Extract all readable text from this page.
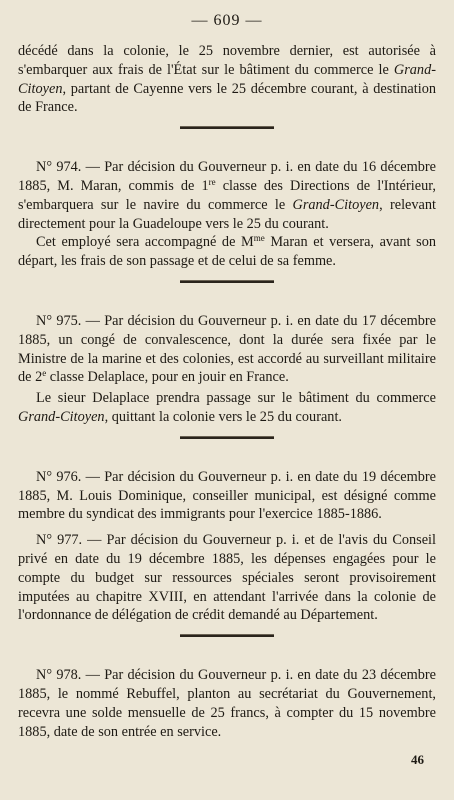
— 609 —

décédé dans la colonie, le 25 novembre dernier, est autorisée à s'embarquer aux frais de l'État sur le bâtiment du commerce le Grand-Citoyen, partant de Cayenne vers le 25 décembre courant, à destination de France.

N° 974. — Par décision du Gouverneur p. i. en date du 16 décembre 1885, M. Maran, commis de 1re classe des Directions de l'Intérieur, s'embarquera sur le navire du commerce le Grand-Citoyen, relevant directement pour la Guadeloupe vers le 25 du courant.

Cet employé sera accompagné de $M^{me}$ Maran et versera, avant son départ, les frais de son passage et de celui de sa femme.

N° 975. — Par décision du Gouverneur p. i. en date du 17 décembre 1885, un congé de convalescence, dont la durée sera fixée par le Ministre de la marine et des colonies, est accordé au surveillant militaire de 2e classe Delaplace, pour en jouir en France.

Le sieur Delaplace prendra passage sur le bâtiment du commerce Grand-Citoyen, quittant la colonie vers le 25 du courant.

N° 976. — Par décision du Gouverneur p. i. en date du 19 décembre 1885, M. Louis Dominique, conseiller municipal, est désigné comme membre du syndicat des immigrants pour l'exercice 1885-1886.

N° 977. — Par décision du Gouverneur p. i. et de l'avis du Conseil privé en date du 19 décembre 1885, les dépenses engagées pour le compte du budget sur ressources spéciales seront provisoirement imputées au chapitre XVIII, en attendant l'arrivée dans la colonie de l'ordonnance de délégation de crédit demandé au Département.

N° 978. — Par décision du Gouverneur p. i. en date du 23 décembre 1885, le nommé Rebuffel, planton au secrétariat du Gouvernement, recevra une solde mensuelle de 25 francs, à compter du 15 novembre 1885, date de son entrée en service.

46
